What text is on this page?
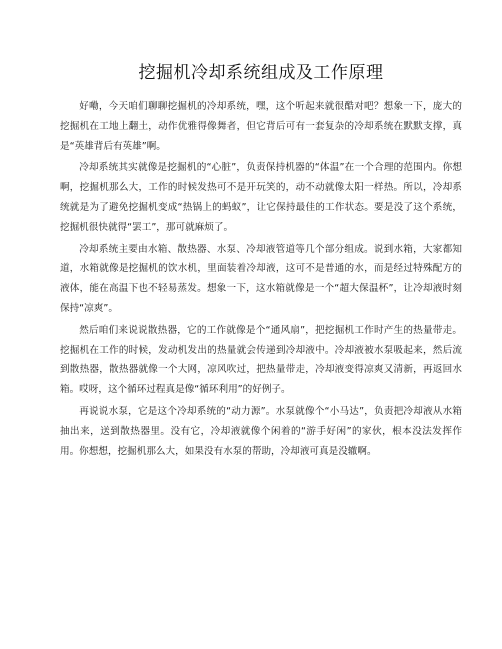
挖掘机冷却系统组成及工作原理

好嘞，今天咱们聊聊挖掘机的冷却系统，嘿，这个听起来就很酷对吧？想象一下，庞大的挖掘机在工地上翻土，动作优雅得像舞者，但它背后可有一套复杂的冷却系统在默默支撑，真是“英雄背后有英雄”啊。

冷却系统其实就像是挖掘机的“心脏”，负责保持机器的“体温”在一个合理的范围内。你想啊，挖掘机那么大，工作的时候发热可不是开玩笑的，动不动就像太阳一样热。所以，冷却系统就是为了避免挖掘机变成“热锅上的蚂蚁”，让它保持最佳的工作状态。要是没了这个系统，挖掘机很快就得“罢工”，那可就麻烦了。

冷却系统主要由水箱、散热器、水泵、冷却液管道等几个部分组成。说到水箱，大家都知道，水箱就像是挖掘机的饮水机，里面装着冷却液，这可不是普通的水，而是经过特殊配方的液体，能在高温下也不轻易蒸发。想象一下，这水箱就像是一个“超大保温杯”，让冷却液时刻保持“凉爽”。

然后咱们来说说散热器，它的工作就像是个“通风扇”，把挖掘机工作时产生的热量带走。挖掘机在工作的时候，发动机发出的热量就会传递到冷却液中。冷却液被水泵吸起来，然后流到散热器，散热器就像一个大网，凉风吹过，把热量带走，冷却液变得凉爽又清新，再返回水箱。哎呀，这个循环过程真是像“循环利用”的好例子。

再说说水泵，它是这个冷却系统的“动力源”。水泵就像个“小马达”，负责把冷却液从水箱抽出来，送到散热器里。没有它，冷却液就像个闲着的“游手好闲”的家伙，根本没法发挥作用。你想想，挖掘机那么大，如果没有水泵的帮助，冷却液可真是没辙啊。
